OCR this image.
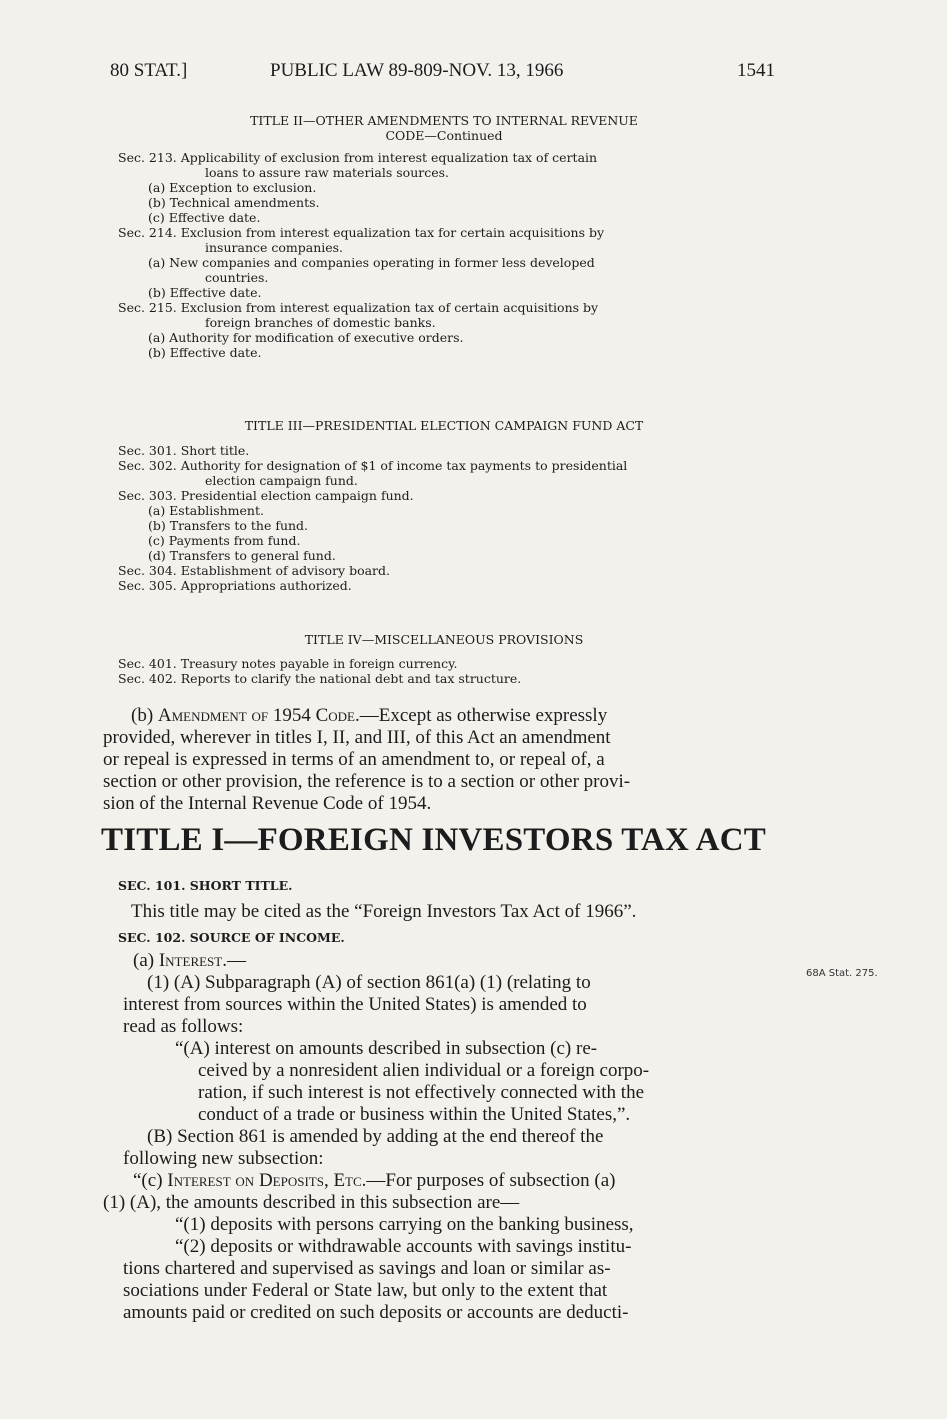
80 STAT.]	PUBLIC LAW 89-809-NOV. 13, 1966	1541
TITLE II—OTHER AMENDMENTS TO INTERNAL REVENUE
CODE—Continued
Sec. 213. Applicability of exclusion from interest equalization tax of certain
loans to assure raw materials sources.
(a) Exception to exclusion.
(b) Technical amendments.
(c) Effective date.
Sec. 214. Exclusion from interest equalization tax for certain acquisitions by
insurance companies.
(a) New companies and companies operating in former less developed
countries.
(b) Effective date.
Sec. 215. Exclusion from interest equalization tax of certain acquisitions by
foreign branches of domestic banks.
(a) Authority for modification of executive orders.
(b) Effective date.
TITLE III—PRESIDENTIAL ELECTION CAMPAIGN FUND ACT
Sec. 301. Short title.
Sec. 302. Authority for designation of $1 of income tax payments to presidential
election campaign fund.
Sec. 303. Presidential election campaign fund.
(a) Establishment.
(b) Transfers to the fund.
(c) Payments from fund.
(d) Transfers to general fund.
Sec. 304. Establishment of advisory board.
Sec. 305. Appropriations authorized.
TITLE IV—MISCELLANEOUS PROVISIONS
Sec. 401. Treasury notes payable in foreign currency.
Sec. 402. Reports to clarify the national debt and tax structure.

(b) Amendment of 1954 Code.—Except as otherwise expressly

provided, wherever in titles I, II, and III, of this Act an amendment

or repeal is expressed in terms of an amendment to, or repeal of, a

section or other provision, the reference is to a section or other provi-

sion of the Internal Revenue Code of 1954.

TITLE I—FOREIGN INVESTORS TAX ACT
SEC. 101. SHORT TITLE.
This title may be cited as the “Foreign Investors Tax Act of 1966”.
SEC. 102. SOURCE OF INCOME.

(a) Interest.—

(1) (A) Subparagraph (A) of section 861(a) (1) (relating to

interest from sources within the United States) is amended to

read as follows:

“(A) interest on amounts described in subsection (c) re-

ceived by a nonresident alien individual or a foreign corpo-

ration, if such interest is not effectively connected with the

conduct of a trade or business within the United States,”.

(B) Section 861 is amended by adding at the end thereof the

following new subsection:

“(c) Interest on Deposits, Etc.—For purposes of subsection (a)

(1) (A), the amounts described in this subsection are—

“(1) deposits with persons carrying on the banking business,

“(2) deposits or withdrawable accounts with savings institu-

tions chartered and supervised as savings and loan or similar as-

sociations under Federal or State law, but only to the extent that

amounts paid or credited on such deposits or accounts are deducti-

68A Stat. 275.
